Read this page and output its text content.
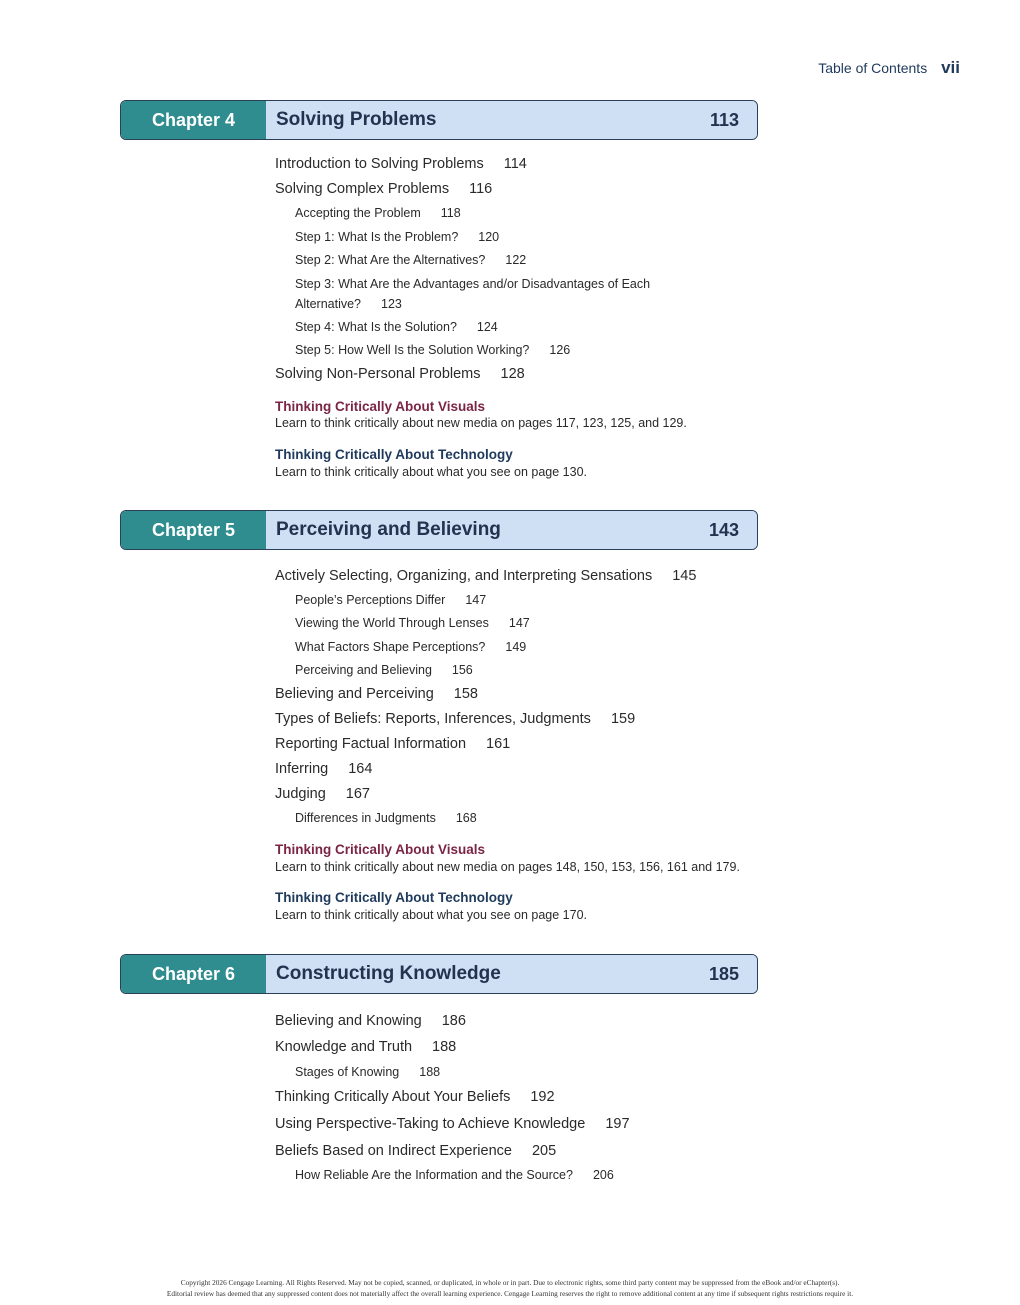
Table of Contents vii
Chapter 4	Solving Problems	113
Introduction to Solving Problems 114
Solving Complex Problems 116
Accepting the Problem 118
Step 1: What Is the Problem? 120
Step 2: What Are the Alternatives? 122
Step 3: What Are the Advantages and/or Disadvantages of Each Alternative? 123
Step 4: What Is the Solution? 124
Step 5: How Well Is the Solution Working? 126
Solving Non-Personal Problems 128
Thinking Critically About Visuals
Learn to think critically about new media on pages 117, 123, 125, and 129.
Thinking Critically About Technology
Learn to think critically about what you see on page 130.
Chapter 5	Perceiving and Believing	143
Actively Selecting, Organizing, and Interpreting Sensations 145
People’s Perceptions Differ 147
Viewing the World Through Lenses 147
What Factors Shape Perceptions? 149
Perceiving and Believing 156
Believing and Perceiving 158
Types of Beliefs: Reports, Inferences, Judgments 159
Reporting Factual Information 161
Inferring 164
Judging 167
Differences in Judgments 168
Thinking Critically About Visuals
Learn to think critically about new media on pages 148, 150, 153, 156, 161 and 179.
Thinking Critically About Technology
Learn to think critically about what you see on page 170.
Chapter 6	Constructing Knowledge	185
Believing and Knowing 186
Knowledge and Truth 188
Stages of Knowing 188
Thinking Critically About Your Beliefs 192
Using Perspective-Taking to Achieve Knowledge 197
Beliefs Based on Indirect Experience 205
How Reliable Are the Information and the Source? 206
Copyright 2026 Cengage Learning. All Rights Reserved. May not be copied, scanned, or duplicated, in whole or in part. Due to electronic rights, some third party content may be suppressed from the eBook and/or eChapter(s).
Editorial review has deemed that any suppressed content does not materially affect the overall learning experience. Cengage Learning reserves the right to remove additional content at any time if subsequent rights restrictions require it.
